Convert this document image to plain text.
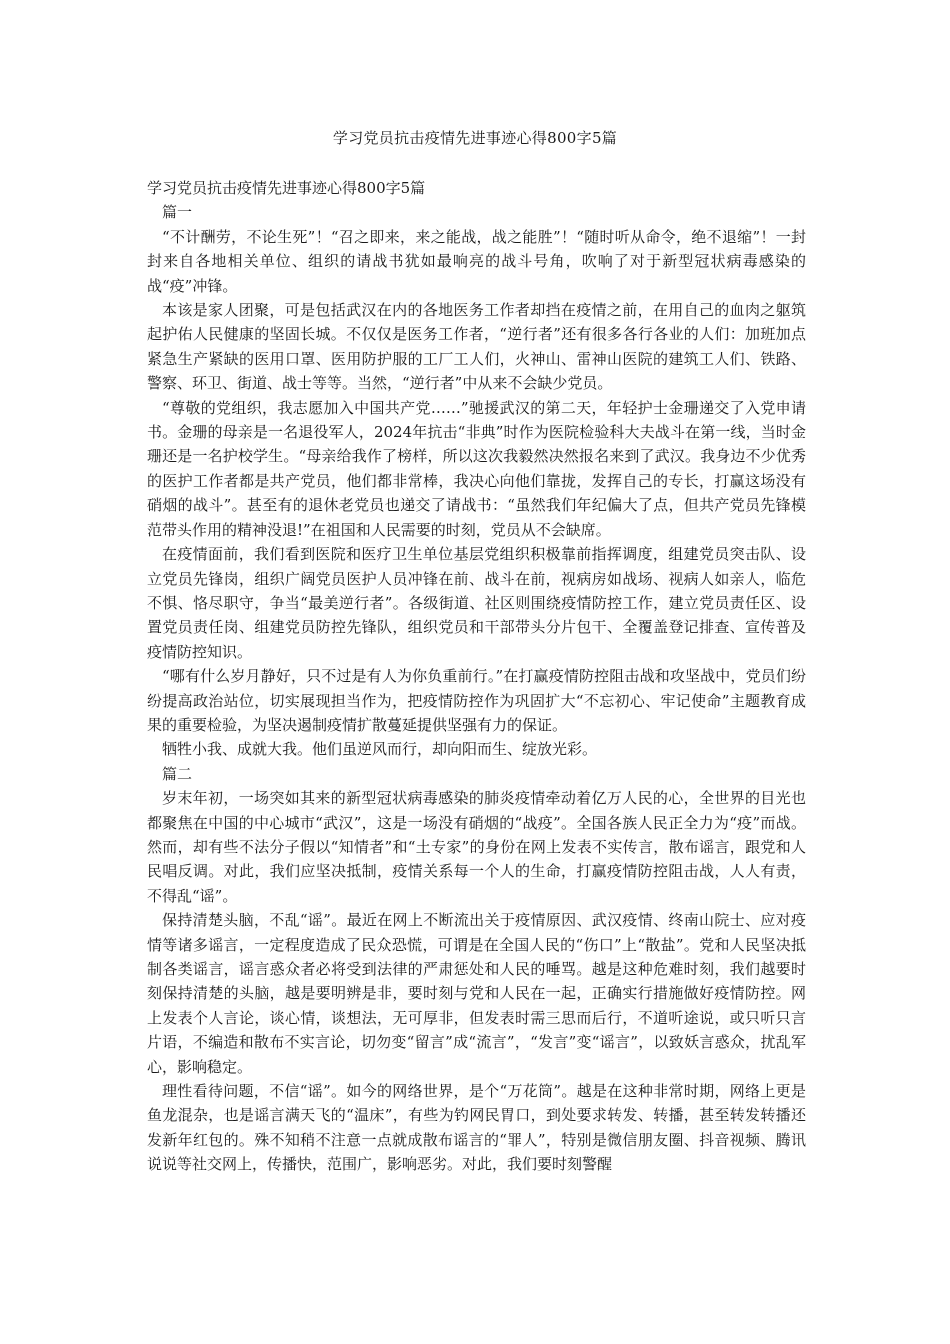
学习党员抗击疫情先进事迹心得800字5篇

学习党员抗击疫情先进事迹心得800字5篇

篇一

“不计酬劳，不论生死”！“召之即来，来之能战，战之能胜”！“随时听从命令，绝不退缩”！一封封来自各地相关单位、组织的请战书犹如最响亮的战斗号角，吹响了对于新型冠状病毒感染的战“疫”冲锋。

本该是家人团聚，可是包括武汉在内的各地医务工作者却挡在疫情之前，在用自己的血肉之躯筑起护佑人民健康的坚固长城。不仅仅是医务工作者，“逆行者”还有很多各行各业的人们：加班加点紧急生产紧缺的医用口罩、医用防护服的工厂工人们，火神山、雷神山医院的建筑工人们、铁路、警察、环卫、街道、战士等等。当然，“逆行者”中从来不会缺少党员。

“尊敬的党组织，我志愿加入中国共产党……”驰援武汉的第二天，年轻护士金珊递交了入党申请书。金珊的母亲是一名退役军人，2024年抗击“非典”时作为医院检验科大夫战斗在第一线，当时金珊还是一名护校学生。“母亲给我作了榜样，所以这次我毅然决然报名来到了武汉。我身边不少优秀的医护工作者都是共产党员，他们都非常棒，我决心向他们靠拢，发挥自己的专长，打赢这场没有硝烟的战斗”。甚至有的退休老党员也递交了请战书：“虽然我们年纪偏大了点，但共产党员先锋模范带头作用的精神没退!”在祖国和人民需要的时刻，党员从不会缺席。

在疫情面前，我们看到医院和医疗卫生单位基层党组织积极靠前指挥调度，组建党员突击队、设立党员先锋岗，组织广阔党员医护人员冲锋在前、战斗在前，视病房如战场、视病人如亲人，临危不惧、恪尽职守，争当“最美逆行者”。各级街道、社区则围绕疫情防控工作，建立党员责任区、设置党员责任岗、组建党员防控先锋队，组织党员和干部带头分片包干、全覆盖登记排查、宣传普及疫情防控知识。

“哪有什么岁月静好，只不过是有人为你负重前行。”在打赢疫情防控阻击战和攻坚战中，党员们纷纷提高政治站位，切实展现担当作为，把疫情防控作为巩固扩大“不忘初心、牢记使命”主题教育成果的重要检验，为坚决遏制疫情扩散蔓延提供坚强有力的保证。

牺牲小我、成就大我。他们虽逆风而行，却向阳而生、绽放光彩。

篇二

岁末年初，一场突如其来的新型冠状病毒感染的肺炎疫情牵动着亿万人民的心，全世界的目光也都聚焦在中国的中心城市“武汉”，这是一场没有硝烟的“战疫”。全国各族人民正全力为“疫”而战。然而，却有些不法分子假以“知情者”和“土专家”的身份在网上发表不实传言，散布谣言，跟党和人民唱反调。对此，我们应坚决抵制，疫情关系每一个人的生命，打赢疫情防控阻击战，人人有责，不得乱“谣”。

保持清楚头脑，不乱“谣”。最近在网上不断流出关于疫情原因、武汉疫情、终南山院士、应对疫情等诸多谣言，一定程度造成了民众恐慌，可谓是在全国人民的“伤口”上“散盐”。党和人民坚决抵制各类谣言，谣言惑众者必将受到法律的严肃惩处和人民的唾骂。越是这种危难时刻，我们越要时刻保持清楚的头脑，越是要明辨是非，要时刻与党和人民在一起，正确实行措施做好疫情防控。网上发表个人言论，谈心情，谈想法，无可厚非，但发表时需三思而后行，不道听途说，或只听只言片语，不编造和散布不实言论，切勿变“留言”成“流言”，“发言”变“谣言”，以致妖言惑众，扰乱军心，影响稳定。

理性看待问题，不信“谣”。如今的网络世界，是个“万花筒”。越是在这种非常时期，网络上更是鱼龙混杂，也是谣言满天飞的“温床”，有些为钓网民胃口，到处要求转发、转播，甚至转发转播还发新年红包的。殊不知稍不注意一点就成散布谣言的“罪人”，特别是微信朋友圈、抖音视频、腾讯说说等社交网上，传播快，范围广，影响恶劣。对此，我们要时刻警醒
